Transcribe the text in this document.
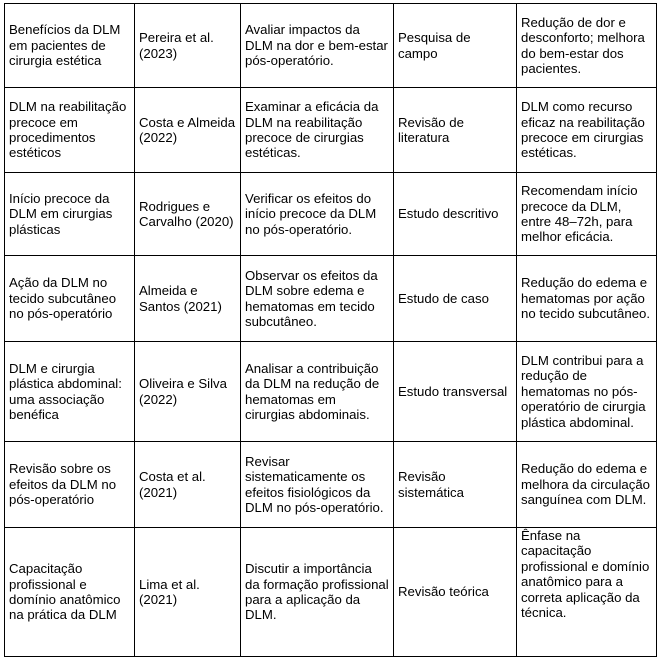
Benefícios da DLM em pacientes de cirurgia estética	Pereira et al. (2023)	Avaliar impactos da DLM na dor e bem-estar pós-operatório.	Pesquisa de campo	Redução de dor e desconforto; melhora do bem-estar dos pacientes.
DLM na reabilitação precoce em procedimentos estéticos	Costa e Almeida (2022)	Examinar a eficácia da DLM na reabilitação precoce de cirurgias estéticas.	Revisão de literatura	DLM como recurso eficaz na reabilitação precoce em cirurgias estéticas.
Início precoce da DLM em cirurgias plásticas	Rodrigues e Carvalho (2020)	Verificar os efeitos do início precoce da DLM no pós-operatório.	Estudo descritivo	Recomendam início precoce da DLM, entre 48–72h, para melhor eficácia.
Ação da DLM no tecido subcutâneo no pós-operatório	Almeida e Santos (2021)	Observar os efeitos da DLM sobre edema e hematomas em tecido subcutâneo.	Estudo de caso	Redução do edema e hematomas por ação no tecido subcutâneo.
DLM e cirurgia plástica abdominal: uma associação benéfica	Oliveira e Silva (2022)	Analisar a contribuição da DLM na redução de hematomas em cirurgias abdominais.	Estudo transversal	DLM contribui para a redução de hematomas no pós-operatório de cirurgia plástica abdominal.
Revisão sobre os efeitos da DLM no pós-operatório	Costa et al. (2021)	Revisar sistematicamente os efeitos fisiológicos da DLM no pós-operatório.	Revisão sistemática	Redução do edema e melhora da circulação sanguínea com DLM.
Capacitação profissional e domínio anatômico na prática da DLM	Lima et al. (2021)	Discutir a importância da formação profissional para a aplicação da DLM.	Revisão teórica	Ênfase na capacitação profissional e domínio anatômico para a correta aplicação da técnica.
